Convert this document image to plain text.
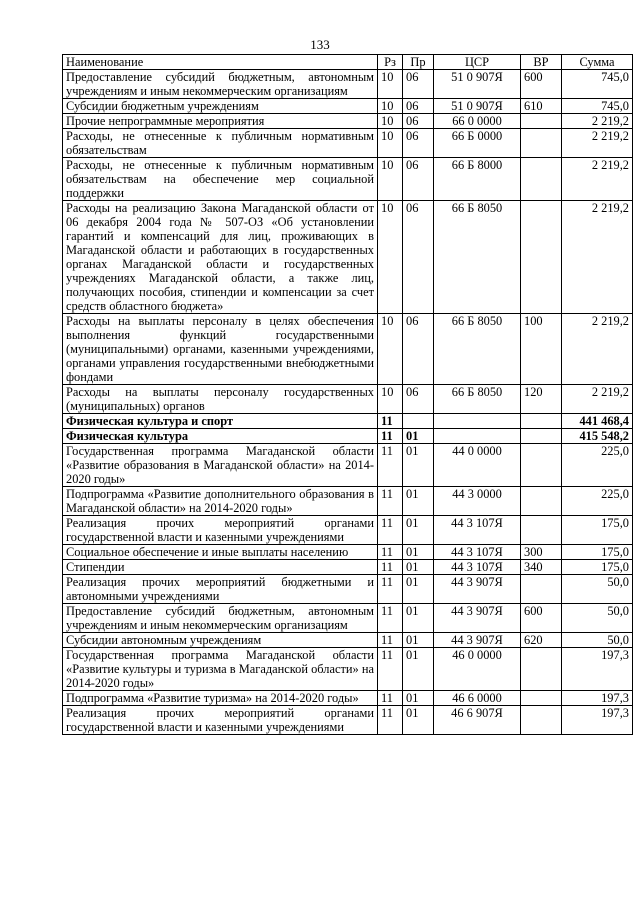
133
Наименование	Рз	Пр	ЦСР	ВР	Сумма
Предоставление субсидий бюджетным, автономным учреждениям и иным некоммерческим организациям	10	06	51 0 907Я	600	745,0
Субсидии бюджетным учреждениям	10	06	51 0 907Я	610	745,0
Прочие непрограммные мероприятия	10	06	66 0 0000		2 219,2
Расходы, не отнесенные к публичным нормативным обязательствам	10	06	66 Б 0000		2 219,2
Расходы, не отнесенные к публичным нормативным обязательствам на обеспечение мер социальной поддержки	10	06	66 Б 8000		2 219,2
Расходы на реализацию Закона Магаданской области от 06 декабря 2004 года № 507-ОЗ «Об установлении гарантий и компенсаций для лиц, проживающих в Магаданской области и работающих в государственных органах Магаданской области и государственных учреждениях Магаданской области, а также лиц, получающих пособия, стипендии и компенсации за счет средств областного бюджета»	10	06	66 Б 8050		2 219,2
Расходы на выплаты персоналу в целях обеспечения выполнения функций государственными (муниципальными) органами, казенными учреждениями, органами управления государственными внебюджетными фондами	10	06	66 Б 8050	100	2 219,2
Расходы на выплаты персоналу государственных (муниципальных) органов	10	06	66 Б 8050	120	2 219,2
Физическая культура и спорт	11				441 468,4
Физическая культура	11	01			415 548,2
Государственная программа Магаданской области «Развитие образования в Магаданской области» на 2014-2020 годы»	11	01	44 0 0000		225,0
Подпрограмма «Развитие дополнительного образования в Магаданской области» на 2014-2020 годы»	11	01	44 3 0000		225,0
Реализация прочих мероприятий органами государственной власти и казенными учреждениями	11	01	44 3 107Я		175,0
Социальное обеспечение и иные выплаты населению	11	01	44 3 107Я	300	175,0
Стипендии	11	01	44 3 107Я	340	175,0
Реализация прочих мероприятий бюджетными и автономными учреждениями	11	01	44 3 907Я		50,0
Предоставление субсидий бюджетным, автономным учреждениям и иным некоммерческим организациям	11	01	44 3 907Я	600	50,0
Субсидии автономным учреждениям	11	01	44 3 907Я	620	50,0
Государственная программа Магаданской области «Развитие культуры и туризма в Магаданской области» на 2014-2020 годы»	11	01	46 0 0000		197,3
Подпрограмма «Развитие туризма» на 2014-2020 годы»	11	01	46 6 0000		197,3
Реализация прочих мероприятий органами государственной власти и казенными учреждениями	11	01	46 6 907Я		197,3
